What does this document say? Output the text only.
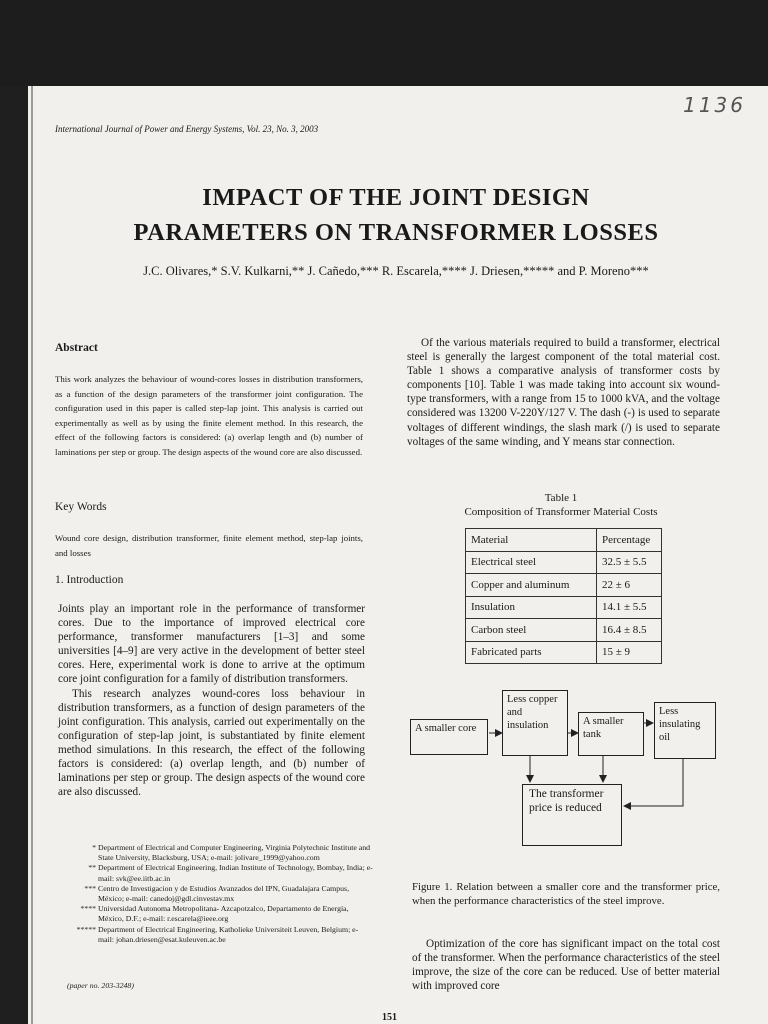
1136
International Journal of Power and Energy Systems, Vol. 23, No. 3, 2003
IMPACT OF THE JOINT DESIGN
PARAMETERS ON TRANSFORMER LOSSES
J.C. Olivares,* S.V. Kulkarni,** J. Cañedo,*** R. Escarela,**** J. Driesen,***** and P. Moreno***
Abstract
This work analyzes the behaviour of wound-cores losses in distribution transformers, as a function of the design parameters of the transformer joint configuration. The configuration used in this paper is called step-lap joint. This analysis is carried out experimentally as well as by using the finite element method. In this research, the effect of the following factors is considered: (a) overlap length and (b) number of laminations per step or group. The design aspects of the wound core are also discussed.
Key Words
Wound core design, distribution transformer, finite element method, step-lap joints, and losses
1. Introduction

Joints play an important role in the performance of transformer cores. Due to the importance of improved electrical core performance, transformer manufacturers [1–3] and some universities [4–9] are very active in the development of better steel cores. Here, experimental work is done to arrive at the optimum core joint configuration for a family of distribution transformers.

This research analyzes wound-cores loss behaviour in distribution transformers, as a function of design parameters of the joint configuration. This analysis, carried out experimentally on the configuration of step-lap joint, is substantiated by finite element method simulations. In this research, the effect of the following factors is considered: (a) overlap length, and (b) number of laminations per step or group. The design aspects of the wound core are also discussed.

* Department of Electrical and Computer Engineering, Virginia Polytechnic Institute and State University, Blacksburg, USA; e-mail: jolivare_1999@yahoo.com
** Department of Electrical Engineering, Indian Institute of Technology, Bombay, India; e-mail: svk@ee.iitb.ac.in
*** Centro de Investigacion y de Estudios Avanzados del IPN, Guadalajara Campus, México; e-mail: canedoj@gdl.cinvestav.mx
**** Universidad Autonoma Metropolitana- Azcapotzalco, Departamento de Energía, México, D.F.; e-mail: r.escarela@ieee.org
***** Department of Electrical Engineering, Katholieke Universiteit Leuven, Belgium; e-mail: johan.driesen@esat.kuleuven.ac.be
(paper no. 203-3248)

Of the various materials required to build a transformer, electrical steel is generally the largest component of the total material cost. Table 1 shows a comparative analysis of transformer costs by components [10]. Table 1 was made taking into account six wound-type transformers, with a range from 15 to 1000 kVA, and the voltage considered was 13200 V-220Y/127 V. The dash (-) is used to separate voltages of different windings, the slash mark (/) is used to separate voltages of the same winding, and Y means star connection.

Table 1
Composition of Transformer Material Costs
Material	Percentage
Electrical steel	32.5 ± 5.5
Copper and aluminum	22 ± 6
Insulation	14.1 ± 5.5
Carbon steel	16.4 ± 8.5
Fabricated parts	15 ± 9
A smaller core
Less copper and insulation	A smaller tank
Less insulating oil
The transformer price is reduced
Figure 1. Relation between a smaller core and the transformer price, when the performance characteristics of the steel improve.

Optimization of the core has significant impact on the total cost of the transformer. When the performance characteristics of the steel improve, the size of the core can be reduced. Use of better material with improved core

151
